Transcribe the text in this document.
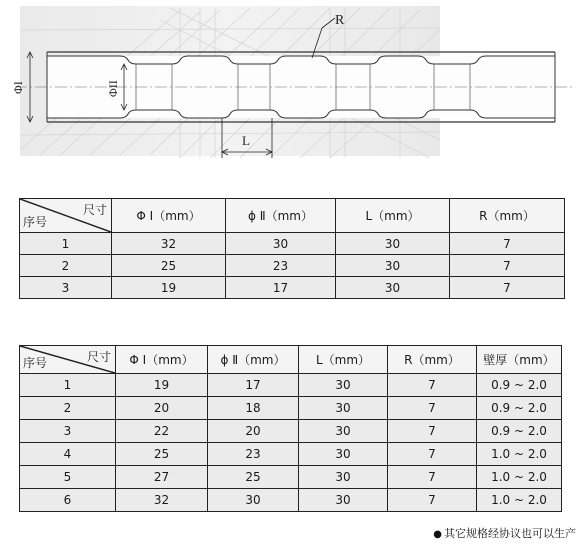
ΦI	ΦII
R
L
尺寸
序号	Φ I（mm）	ϕ Ⅱ（mm）	L（mm）	R（mm）
1	32	30	30	7
2	25	23	30	7
3	19	17	30	7
尺寸
序号	Φ I（mm）	ϕ Ⅱ（mm）	L（mm）	R（mm）	壁厚（mm）
1	19	17	30	7	0.9 ~ 2.0
2	20	18	30	7	0.9 ~ 2.0
3	22	20	30	7	0.9 ~ 2.0
4	25	23	30	7	1.0 ~ 2.0
5	27	25	30	7	1.0 ~ 2.0
6	32	30	30	7	1.0 ~ 2.0
● 其它规格经协议也可以生产
